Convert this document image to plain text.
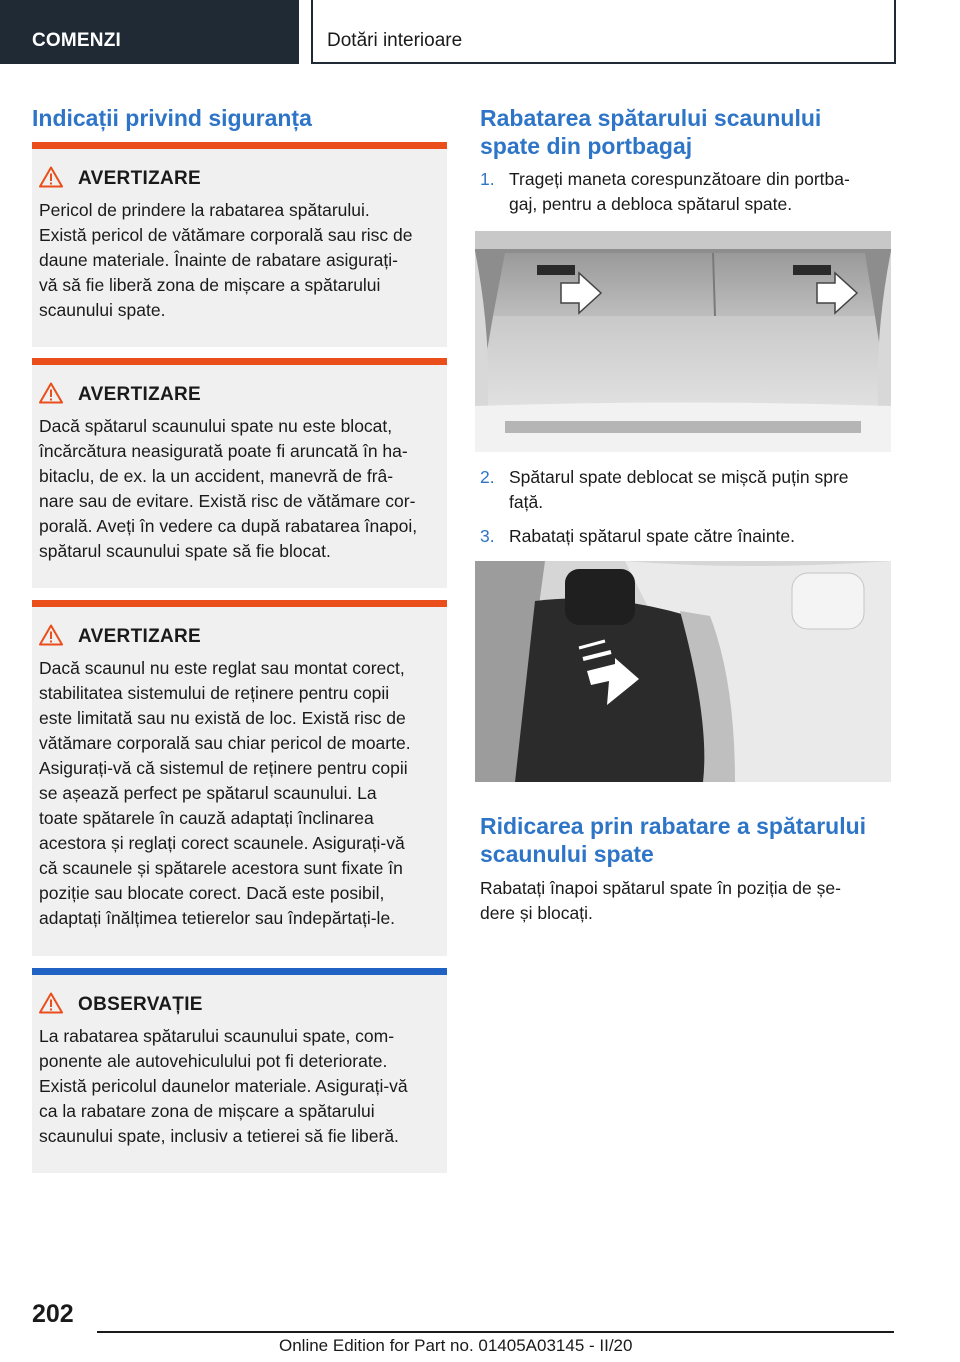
COMENZI	Dotări interioare
Indicații privind siguranța
AVERTIZARE
Pericol de prindere la rabatarea spătarului.
Există pericol de vătămare corporală sau risc de
daune materiale. Înainte de rabatare asigurați-
vă să fie liberă zona de mișcare a spătarului
scaunului spate.
AVERTIZARE
Dacă spătarul scaunului spate nu este blocat,
încărcătura neasigurată poate fi aruncată în ha-
bitaclu, de ex. la un accident, manevră de frâ-
nare sau de evitare. Există risc de vătămare cor-
porală. Aveți în vedere ca după rabatarea înapoi,
spătarul scaunului spate să fie blocat.
AVERTIZARE
Dacă scaunul nu este reglat sau montat corect,
stabilitatea sistemului de reținere pentru copii
este limitată sau nu există de loc. Există risc de
vătămare corporală sau chiar pericol de moarte.
Asigurați-vă că sistemul de reținere pentru copii
se așează perfect pe spătarul scaunului. La
toate spătarele în cauză adaptați înclinarea
acestora și reglați corect scaunele. Asigurați-vă
că scaunele și spătarele acestora sunt fixate în
poziție sau blocate corect. Dacă este posibil,
adaptați înălțimea tetierelor sau îndepărtați-le.
OBSERVAȚIE
La rabatarea spătarului scaunului spate, com-
ponente ale autovehiculului pot fi deteriorate.
Există pericolul daunelor materiale. Asigurați-vă
ca la rabatare zona de mișcare a spătarului
scaunului spate, inclusiv a tetierei să fie liberă.
Rabatarea spătarului scaunului
spate din portbagaj
1. Trageți maneta corespunzătoare din portba-
gaj, pentru a debloca spătarul spate.
2. Spătarul spate deblocat se mișcă puțin spre
față.
3. Rabatați spătarul spate către înainte.
Ridicarea prin rabatare a spătarului
scaunului spate
Rabatați înapoi spătarul spate în poziția de șe-
dere și blocați.
202
Online Edition for Part no. 01405A03145 - II/20
